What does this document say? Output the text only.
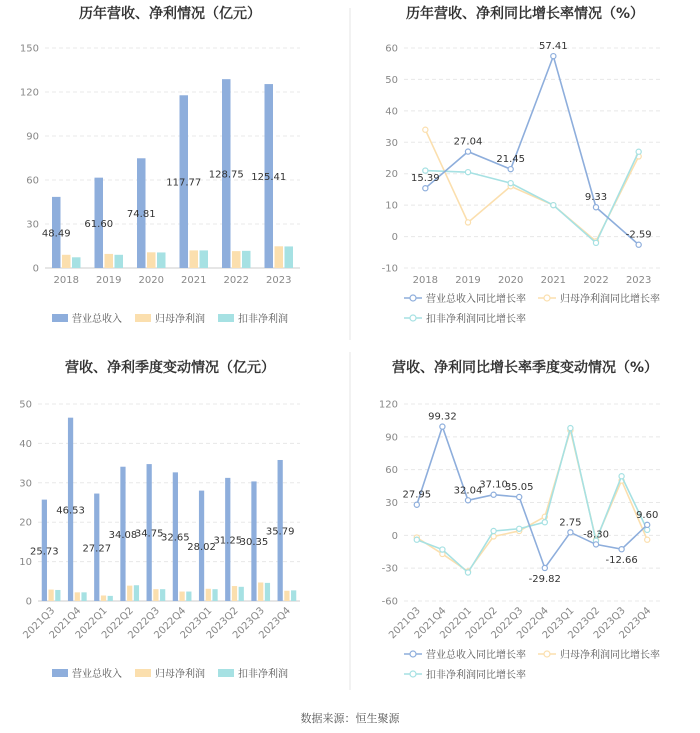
历年营收、净利情况（亿元）
0
30
60
90
120
150
2018 2019 2020 2021 2022 2023
48.49
61.60
74.81
117.77
128.75 125.41
营业总收入	归母净利润	扣非净利润
历年营收、净利同比增长率情况（%）
-10
0
10
20
30
40
50
60
2018 2019 2020 2021 2022 2023
15.39
27.04
21.45
57.41
9.33
-2.59
营业总收入同比增长率	归母净利润同比增长率
扣非净利润同比增长率
营收、净利季度变动情况（亿元）
0
10
20
30
40
50
2021Q3
2021Q4
2022Q1
2022Q2
2022Q3
2022Q4
2023Q1
2023Q2
2023Q3
2023Q4
25.73
46.53
27.27
34.08
34.75
32.65
28.02
31.25
30.35
35.79
营业总收入	归母净利润	扣非净利润
营收、净利同比增长率季度变动情况（%）
-60
-30
0
30
60
90
120
2021Q3
2021Q4
2022Q1
2022Q2
2022Q3
2022Q4
2023Q1
2023Q2
2023Q3
2023Q4
27.95
99.32
32.04
37.10
35.05
-29.82
2.75
-8.30
-12.66
9.60
营业总收入同比增长率	归母净利润同比增长率
扣非净利润同比增长率
数据来源：恒生聚源
